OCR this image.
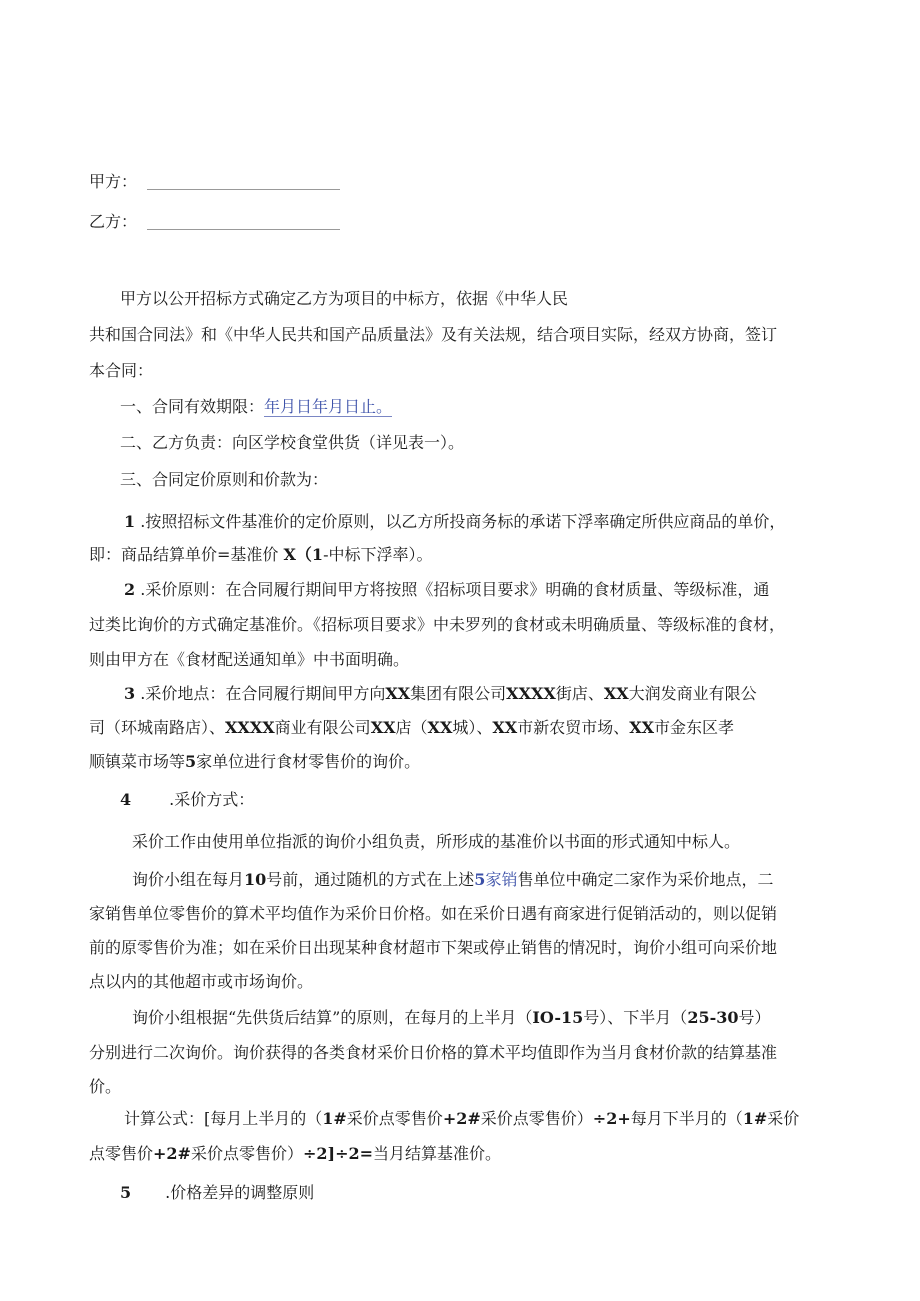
甲方：
乙方：
甲方以公开招标方式确定乙方为项目的中标方，依据《中华人民
共和国合同法》和《中华人民共和国产品质量法》及有关法规，结合项目实际，经双方协商，签订
本合同：
一、合同有效期限：年月日年月日止。
二、乙方负责：向区学校食堂供货（详见表一）。
三、合同定价原则和价款为：
1 .按照招标文件基准价的定价原则，以乙方所投商务标的承诺下浮率确定所供应商品的单价，
即：商品结算单价=基准价 X（1-中标下浮率）。
2 .采价原则：在合同履行期间甲方将按照《招标项目要求》明确的食材质量、等级标准，通
过类比询价的方式确定基准价。《招标项目要求》中未罗列的食材或未明确质量、等级标准的食材，
则由甲方在《食材配送通知单》中书面明确。
3 .采价地点：在合同履行期间甲方向XX集团有限公司XXXX街店、XX大润发商业有限公
司（环城南路店）、XXXX商业有限公司XX店（XX城）、XX市新农贸市场、XX市金东区孝
顺镇菜市场等5家单位进行食材零售价的询价。
4 .采价方式：
采价工作由使用单位指派的询价小组负责，所形成的基准价以书面的形式通知中标人。
询价小组在每月10号前，通过随机的方式在上述5家销售单位中确定二家作为采价地点，二
家销售单位零售价的算术平均值作为采价日价格。如在采价日遇有商家进行促销活动的，则以促销
前的原零售价为准；如在采价日出现某种食材超市下架或停止销售的情况时，询价小组可向采价地
点以内的其他超市或市场询价。
询价小组根据“先供货后结算”的原则，在每月的上半月（IO-15号）、下半月（25-30号）
分别进行二次询价。询价获得的各类食材采价日价格的算术平均值即作为当月食材价款的结算基准
价。
计算公式：[每月上半月的（1#采价点零售价+2#采价点零售价）÷2+每月下半月的（1#采价
点零售价+2#采价点零售价）÷2]÷2=当月结算基准价。
5 .价格差异的调整原则
